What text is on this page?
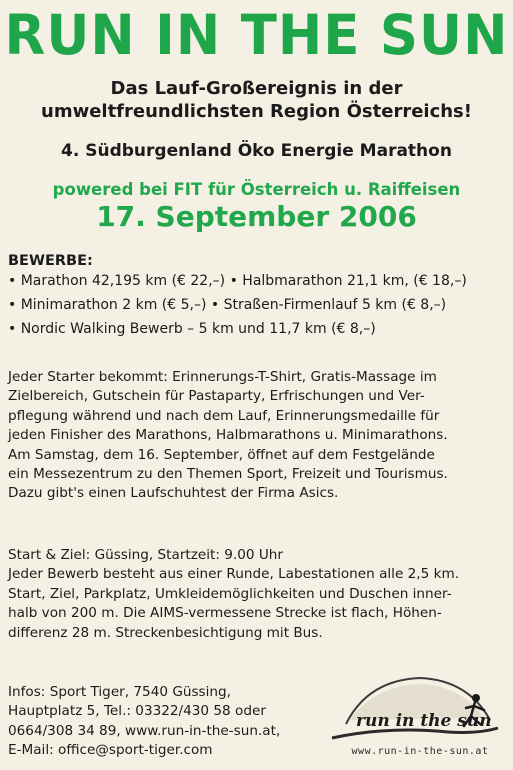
RUN IN THE SUN
Das Lauf-Großereignis in der
umweltfreundlichsten Region Österreichs!
4. Südburgenland Öko Energie Marathon
powered bei FIT für Österreich u. Raiffeisen
17. September 2006
BEWERBE:
• Marathon 42,195 km (€ 22,–) • Halbmarathon 21,1 km, (€ 18,–)
• Minimarathon 2 km (€ 5,–) • Straßen-Firmenlauf 5 km (€ 8,–)
• Nordic Walking Bewerb – 5 km und 11,7 km (€ 8,–)
Jeder Starter bekommt: Erinnerungs-T-Shirt, Gratis-Massage im
Zielbereich, Gutschein für Pastaparty, Erfrischungen und Ver-
pflegung während und nach dem Lauf, Erinnerungsmedaille für
jeden Finisher des Marathons, Halbmarathons u. Minimarathons.
Am Samstag, dem 16. September, öffnet auf dem Festgelände
ein Messezentrum zu den Themen Sport, Freizeit und Tourismus.
Dazu gibt's einen Laufschuhtest der Firma Asics.
Start & Ziel: Güssing, Startzeit: 9.00 Uhr
Jeder Bewerb besteht aus einer Runde, Labestationen alle 2,5 km.
Start, Ziel, Parkplatz, Umkleidemöglichkeiten und Duschen inner-
halb von 200 m. Die AIMS-vermessene Strecke ist flach, Höhen-
differenz 28 m. Streckenbesichtigung mit Bus.
Infos: Sport Tiger, 7540 Güssing,
Hauptplatz 5, Tel.: 03322/430 58 oder
0664/308 34 89, www.run-in-the-sun.at,
E-Mail: office@sport-tiger.com
run in the sun
www.run-in-the-sun.at
